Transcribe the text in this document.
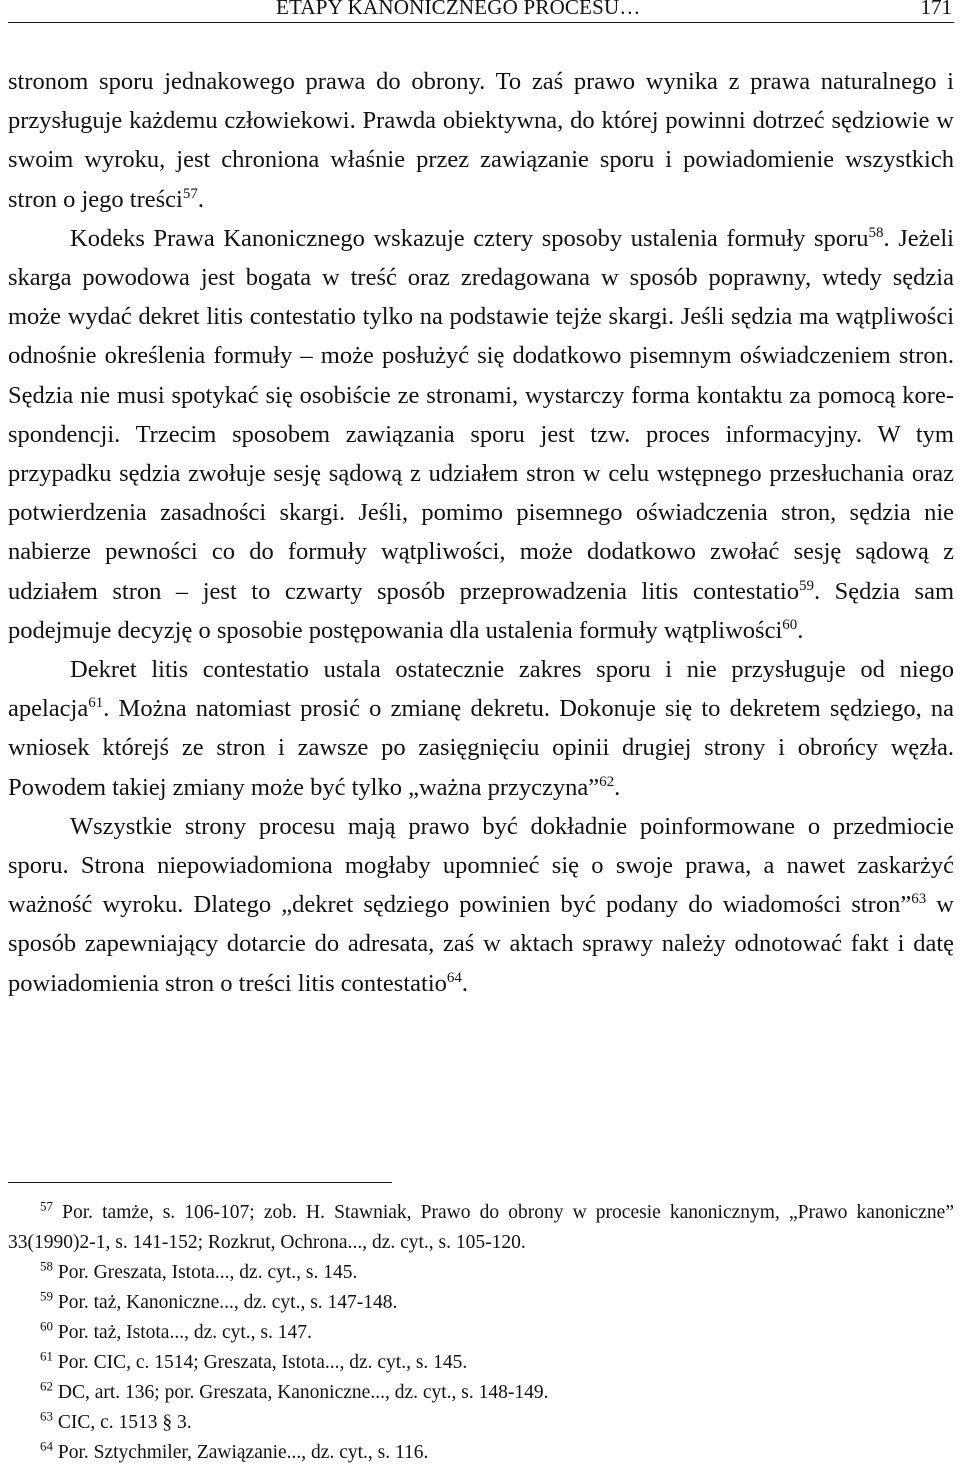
ETAPY KANONICZNEGO PROCESU…	171

stronom sporu jednakowego prawa do obrony. To zaś prawo wynika z prawa naturalnego i przysługuje każdemu człowiekowi. Prawda obiektywna, do której powinni dotrzeć sędziowie w swoim wyroku, jest chroniona właśnie przez zawiązanie sporu i powiadomienie wszystkich stron o jego treści$^{57}$.

Kodeks Prawa Kanonicznego wskazuje cztery sposoby ustalenia formuły sporu$^{58}$. Jeżeli skarga powodowa jest bogata w treść oraz zredagowana w sposób poprawny, wtedy sędzia może wydać dekret litis contestatio tylko na podstawie tejże skargi. Jeśli sędzia ma wątpliwości odnośnie określenia formuły – może posłużyć się dodatkowo pisemnym oświadczeniem stron. Sędzia nie musi spotykać się osobiście ze stronami, wystarczy forma kontaktu za pomocą korespondencji. Trzecim sposobem zawiązania sporu jest tzw. proces informacyjny. W tym przypadku sędzia zwołuje sesję sądową z udziałem stron w celu wstępnego przesłuchania oraz potwierdzenia zasadności skargi. Jeśli, pomimo pisemnego oświadczenia stron, sędzia nie nabierze pewności co do formuły wątpliwości, może dodatkowo zwołać sesję sądową z udziałem stron – jest to czwarty sposób przeprowadzenia litis contestatio$^{59}$. Sędzia sam podejmuje decyzję o sposobie postępowania dla ustalenia formuły wątpliwości$^{60}$.

Dekret litis contestatio ustala ostatecznie zakres sporu i nie przysługuje od niego apelacja$^{61}$. Można natomiast prosić o zmianę dekretu. Dokonuje się to dekretem sędziego, na wniosek którejś ze stron i zawsze po zasięgnięciu opinii drugiej strony i obrońcy węzła. Powodem takiej zmiany może być tylko „ważna przyczyna”$^{62}$.

Wszystkie strony procesu mają prawo być dokładnie poinformowane o przedmiocie sporu. Strona niepowiadomiona mogłaby upomnieć się o swoje prawa, a nawet zaskarżyć ważność wyroku. Dlatego „dekret sędziego powinien być podany do wiadomości stron”$^{63}$ w sposób zapewniający dotarcie do adresata, zaś w aktach sprawy należy odnotować fakt i datę powiadomienia stron o treści litis contestatio$^{64}$.

$^{57}$ Por. tamże, s. 106-107; zob. H. Stawniak, Prawo do obrony w procesie kanonicznym, „Prawo kanoniczne” 33(1990)2-1, s. 141-152; Rozkrut, Ochrona..., dz. cyt., s. 105-120.

$^{58}$ Por. Greszata, Istota..., dz. cyt., s. 145.

$^{59}$ Por. taż, Kanoniczne..., dz. cyt., s. 147-148.

$^{60}$ Por. taż, Istota..., dz. cyt., s. 147.

$^{61}$ Por. CIC, c. 1514; Greszata, Istota..., dz. cyt., s. 145.

$^{62}$ DC, art. 136; por. Greszata, Kanoniczne..., dz. cyt., s. 148-149.

$^{63}$ CIC, c. 1513 § 3.

$^{64}$ Por. Sztychmiler, Zawiązanie..., dz. cyt., s. 116.
